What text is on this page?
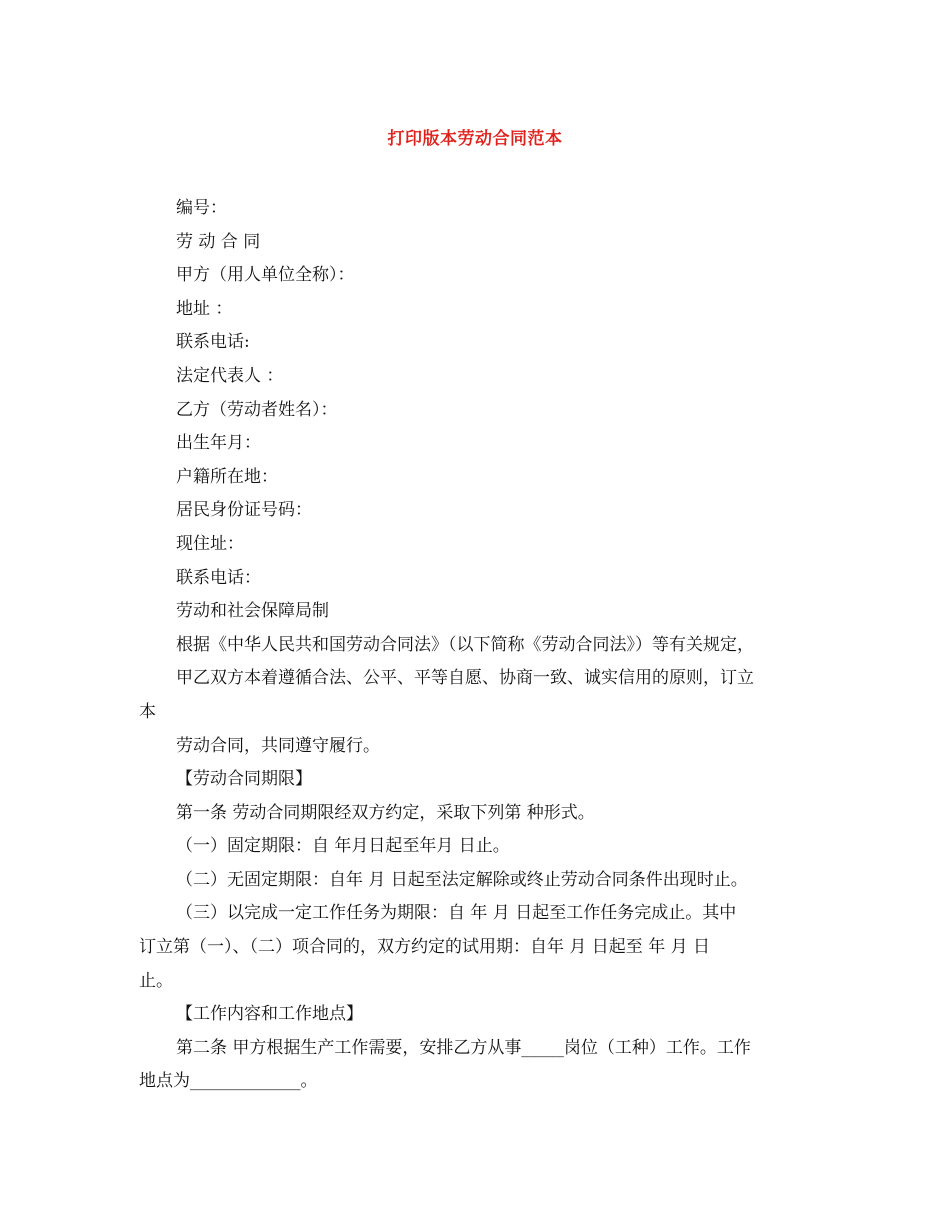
打印版本劳动合同范本
编号：
劳 动 合 同
甲方（用人单位全称）：
地址 ：
联系电话:
法定代表人 ：
乙方（劳动者姓名）：
出生年月：
户籍所在地：
居民身份证号码：
现住址：
联系电话：
劳动和社会保障局制
根据《中华人民共和国劳动合同法》（以下简称《劳动合同法》）等有关规定，
甲乙双方本着遵循合法、公平、平等自愿、协商一致、诚实信用的原则，订立
本
劳动合同，共同遵守履行。
【劳动合同期限】
第一条 劳动合同期限经双方约定，采取下列第 种形式。
（一）固定期限：自 年月日起至年月 日止。
（二）无固定期限：自年 月 日起至法定解除或终止劳动合同条件出现时止。
（三）以完成一定工作任务为期限：自 年 月 日起至工作任务完成止。其中
订立第（一）、（二）项合同的，双方约定的试用期：自年 月 日起至 年 月 日
止。
【工作内容和工作地点】
第二条 甲方根据生产工作需要，安排乙方从事_____岗位（工种）工作。工作
地点为_____________。
